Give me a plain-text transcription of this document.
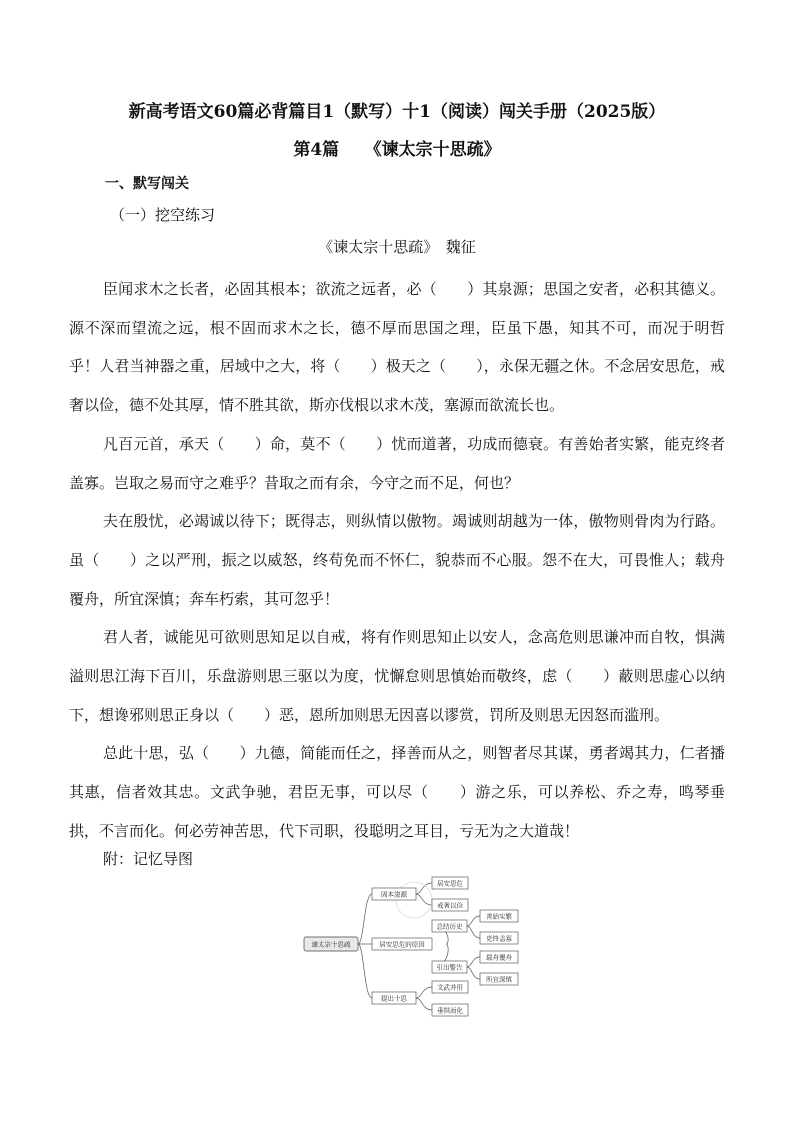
新高考语文60篇必背篇目1（默写）十1（阅读）闯关手册（2025版）
第4篇　　《谏太宗十思疏》
一、默写闯关
（一）挖空练习
《谏太宗十思疏》　魏征

臣闻求木之长者，必固其根本；欲流之远者，必（　　）其泉源；思国之安者，必积其德义。源不深而望流之远，根不固而求木之长，德不厚而思国之理，臣虽下愚，知其不可，而况于明哲乎！人君当神器之重，居域中之大，将（　　）极天之（　　），永保无疆之休。不念居安思危，戒奢以俭，德不处其厚，情不胜其欲，斯亦伐根以求木茂，塞源而欲流长也。

凡百元首，承天（　　）命，莫不（　　）忧而道著，功成而德衰。有善始者实繁，能克终者盖寡。岂取之易而守之难乎？昔取之而有余，今守之而不足，何也？

夫在殷忧，必竭诚以待下；既得志，则纵情以傲物。竭诚则胡越为一体，傲物则骨肉为行路。虽（　　）之以严刑，振之以威怒，终苟免而不怀仁，貌恭而不心服。怨不在大，可畏惟人；载舟覆舟，所宜深慎；奔车朽索，其可忽乎！

君人者，诚能见可欲则思知足以自戒，将有作则思知止以安人，念高危则思谦冲而自牧，惧满溢则思江海下百川，乐盘游则思三驱以为度，忧懈怠则思慎始而敬终，虑（　　）蔽则思虚心以纳下，想谗邪则思正身以（　　）恶，恩所加则思无因喜以谬赏，罚所及则思无因怒而滥刑。

总此十思，弘（　　）九德，简能而任之，择善而从之，则智者尽其谋，勇者竭其力，仁者播其惠，信者效其忠。文武争驰，君臣无事，可以尽（　　）游之乐，可以养松、乔之寿，鸣琴垂拱，不言而化。何必劳神苦思，代下司职，役聪明之耳目，亏无为之大道哉！

附：记忆导图
谏太宗十思疏
固本浚源
居安思危的原因
提出十思
居安思危
戒奢以俭
总结历史
引出警告
文武并用
垂拱而化
善始实繁
克终盖寡
载舟覆舟
所宜深慎
